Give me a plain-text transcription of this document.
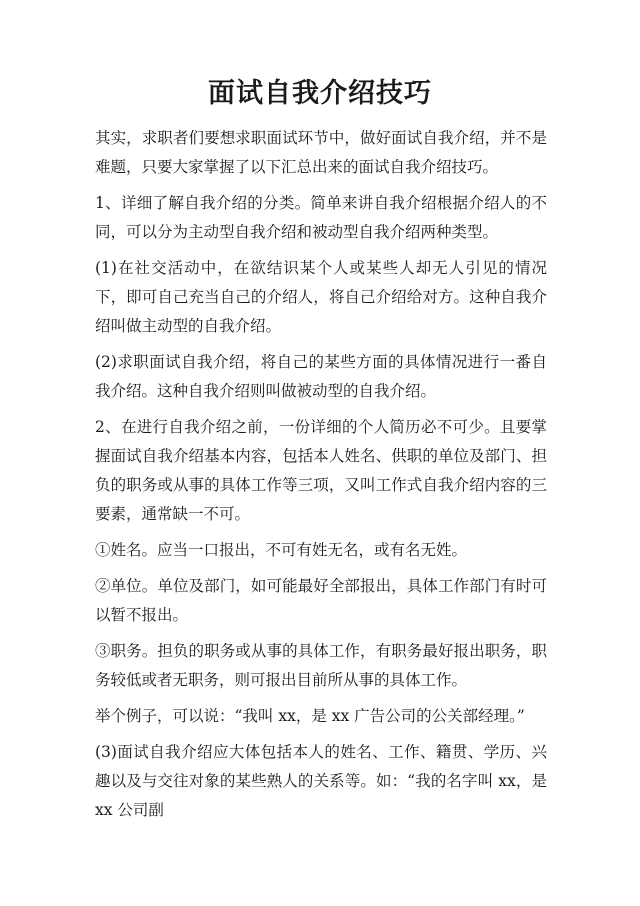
面试自我介绍技巧

其实，求职者们要想求职面试环节中，做好面试自我介绍，并不是难题，只要大家掌握了以下汇总出来的面试自我介绍技巧。

1、详细了解自我介绍的分类。简单来讲自我介绍根据介绍人的不同，可以分为主动型自我介绍和被动型自我介绍两种类型。

(1)在社交活动中，在欲结识某个人或某些人却无人引见的情况下，即可自己充当自己的介绍人，将自己介绍给对方。这种自我介绍叫做主动型的自我介绍。

(2)求职面试自我介绍，将自己的某些方面的具体情况进行一番自我介绍。这种自我介绍则叫做被动型的自我介绍。

2、在进行自我介绍之前，一份详细的个人简历必不可少。且要掌握面试自我介绍基本内容，包括本人姓名、供职的单位及部门、担负的职务或从事的具体工作等三项，又叫工作式自我介绍内容的三要素，通常缺一不可。

①姓名。应当一口报出，不可有姓无名，或有名无姓。

②单位。单位及部门，如可能最好全部报出，具体工作部门有时可以暂不报出。

③职务。担负的职务或从事的具体工作，有职务最好报出职务，职务较低或者无职务，则可报出目前所从事的具体工作。

举个例子，可以说：“我叫 xx，是 xx 广告公司的公关部经理。”

(3)面试自我介绍应大体包括本人的姓名、工作、籍贯、学历、兴趣以及与交往对象的某些熟人的关系等。如：“我的名字叫 xx，是 xx 公司副
